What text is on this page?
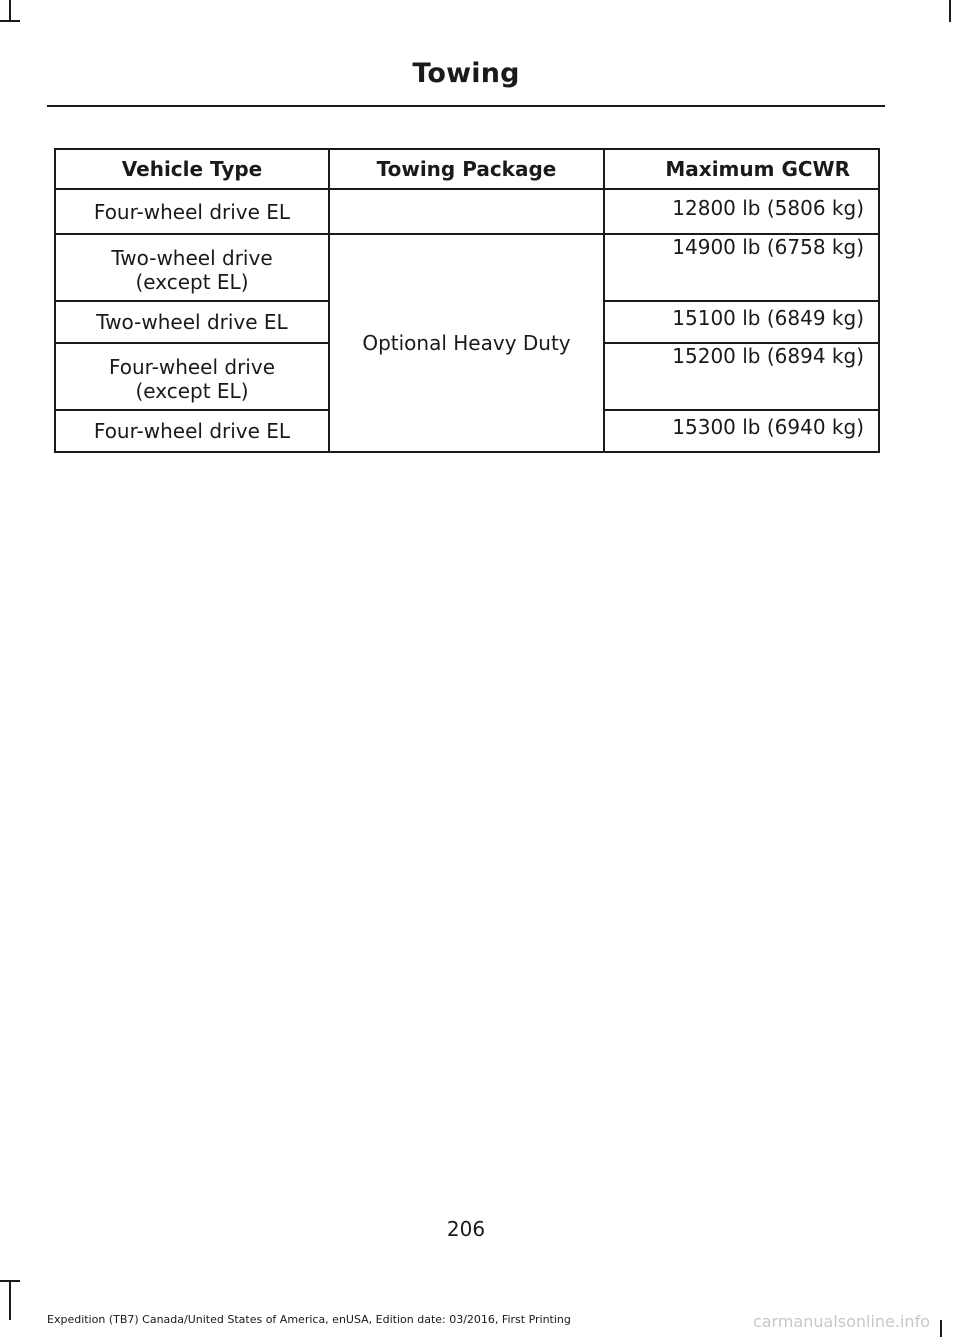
Towing
Vehicle Type	Towing Package	Maximum GCWR
Four-wheel drive EL		12800 lb (5806 kg)

Two-wheel drive
(except EL)	Optional Heavy Duty	14900 lb (6758 kg)
Two-wheel drive EL		15100 lb (6849 kg)

Four-wheel drive
(except EL)		15200 lb (6894 kg)
Four-wheel drive EL		15300 lb (6940 kg)
206
Expedition (TB7) Canada/United States of America, enUSA, Edition date: 03/2016, First Printing	carmanualsonline.info
